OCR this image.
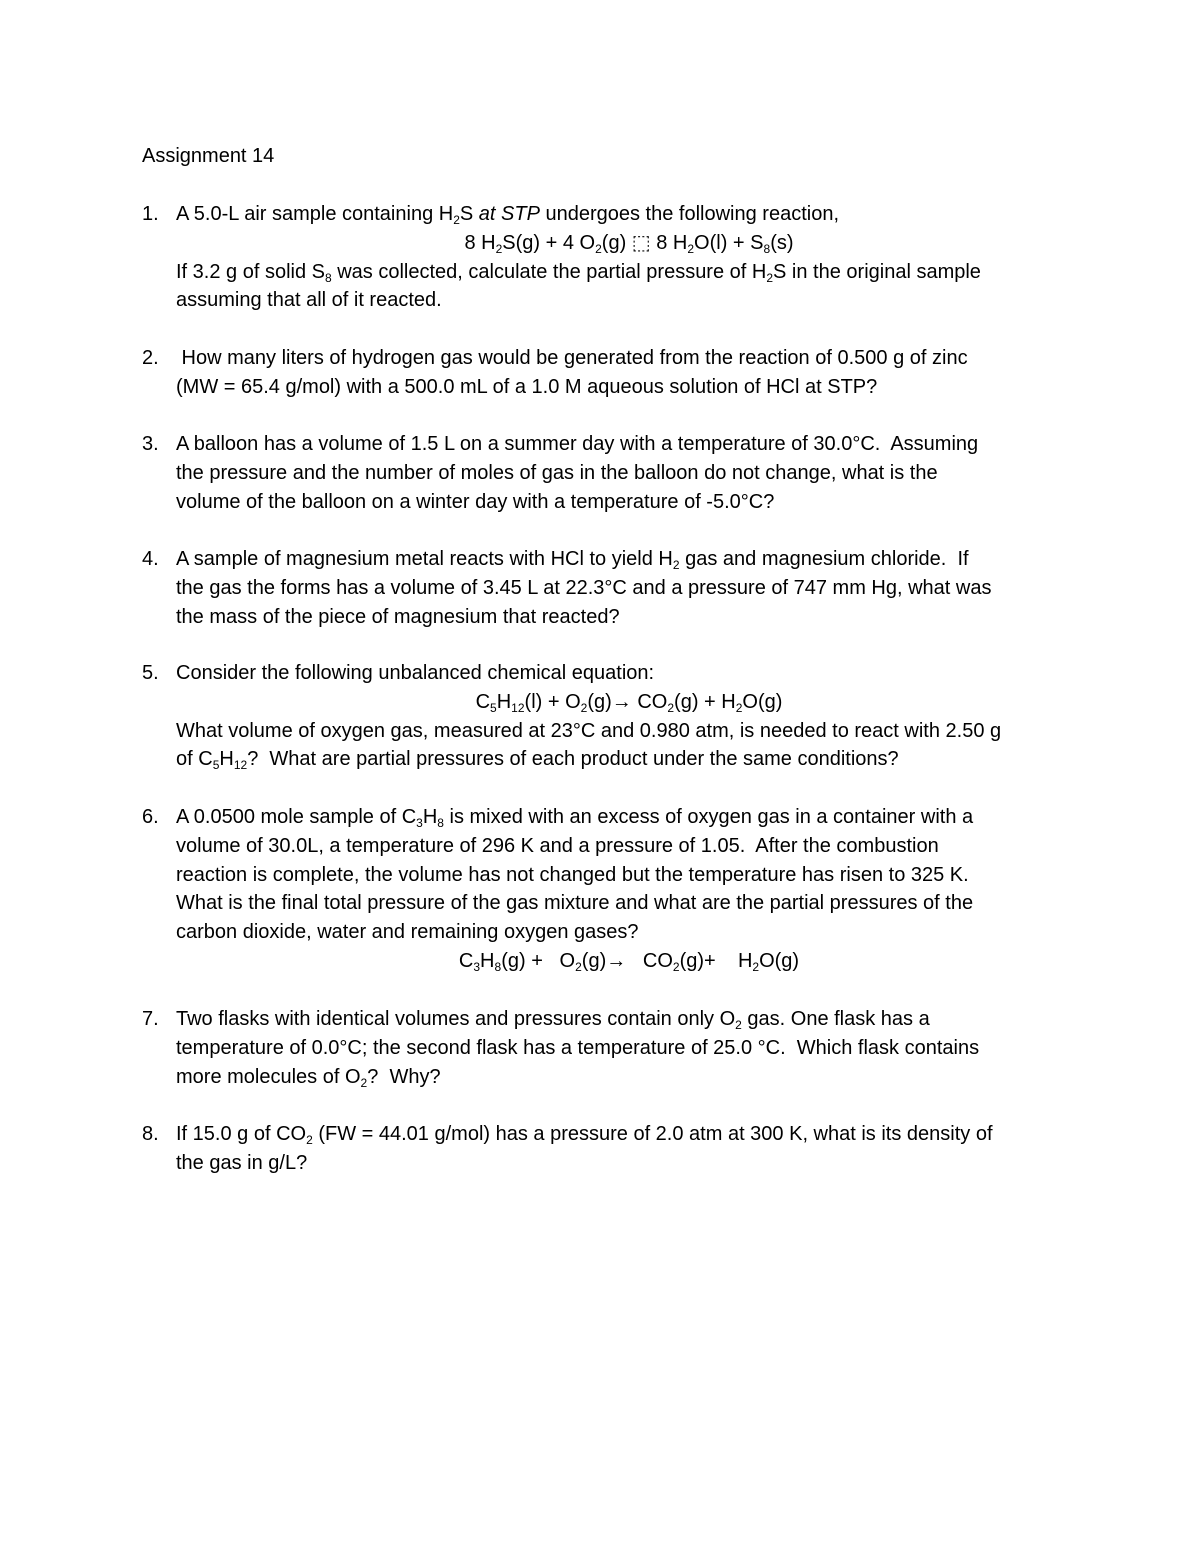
Assignment 14
1. A 5.0-L air sample containing $H_2S$ at STP undergoes the following reaction,
8 $H_2S(g) + 4$ $O_2(g)$ ⬚ 8 $H_2O(l) + S_8(s)$
If 3.2 g of solid $S_8$ was collected, calculate the partial pressure of $H_2S$ in the original sample
assuming that all of it reacted.
2. How many liters of hydrogen gas would be generated from the reaction of 0.500 g of zinc
(MW = 65.4 g/mol) with a 500.0 mL of a 1.0 M aqueous solution of HCl at STP?
3. A balloon has a volume of 1.5 L on a summer day with a temperature of 30.0°C.  Assuming
the pressure and the number of moles of gas in the balloon do not change, what is the
volume of the balloon on a winter day with a temperature of -5.0°C?
4. A sample of magnesium metal reacts with HCl to yield $H_2$ gas and magnesium chloride.  If
the gas the forms has a volume of 3.45 L at 22.3°C and a pressure of 747 mm Hg, what was
the mass of the piece of magnesium that reacted?
5. Consider the following unbalanced chemical equation:
$C_5H_{12}(l) + O_2(g)\to CO_2(g) + H_2O(g)$
What volume of oxygen gas, measured at 23°C and 0.980 atm, is needed to react with 2.50 g
of $C_5H_{12}$?  What are partial pressures of each product under the same conditions?
6. A 0.0500 mole sample of $C_3H_8$ is mixed with an excess of oxygen gas in a container with a
volume of 30.0L, a temperature of 296 K and a pressure of 1.05.  After the combustion
reaction is complete, the volume has not changed but the temperature has risen to 325 K.
What is the final total pressure of the gas mixture and what are the partial pressures of the
carbon dioxide, water and remaining oxygen gases?
$C_3H_8(g) + O_2(g)\to CO_2(g)+$    $H_2O(g)$
7. Two flasks with identical volumes and pressures contain only $O_2$ gas. One flask has a
temperature of 0.0°C; the second flask has a temperature of 25.0 °C.  Which flask contains
more molecules of $O_2$?  Why?
8. If 15.0 g of $CO_2$ (FW = 44.01 g/mol) has a pressure of 2.0 atm at 300 K, what is its density of
the gas in g/L?
